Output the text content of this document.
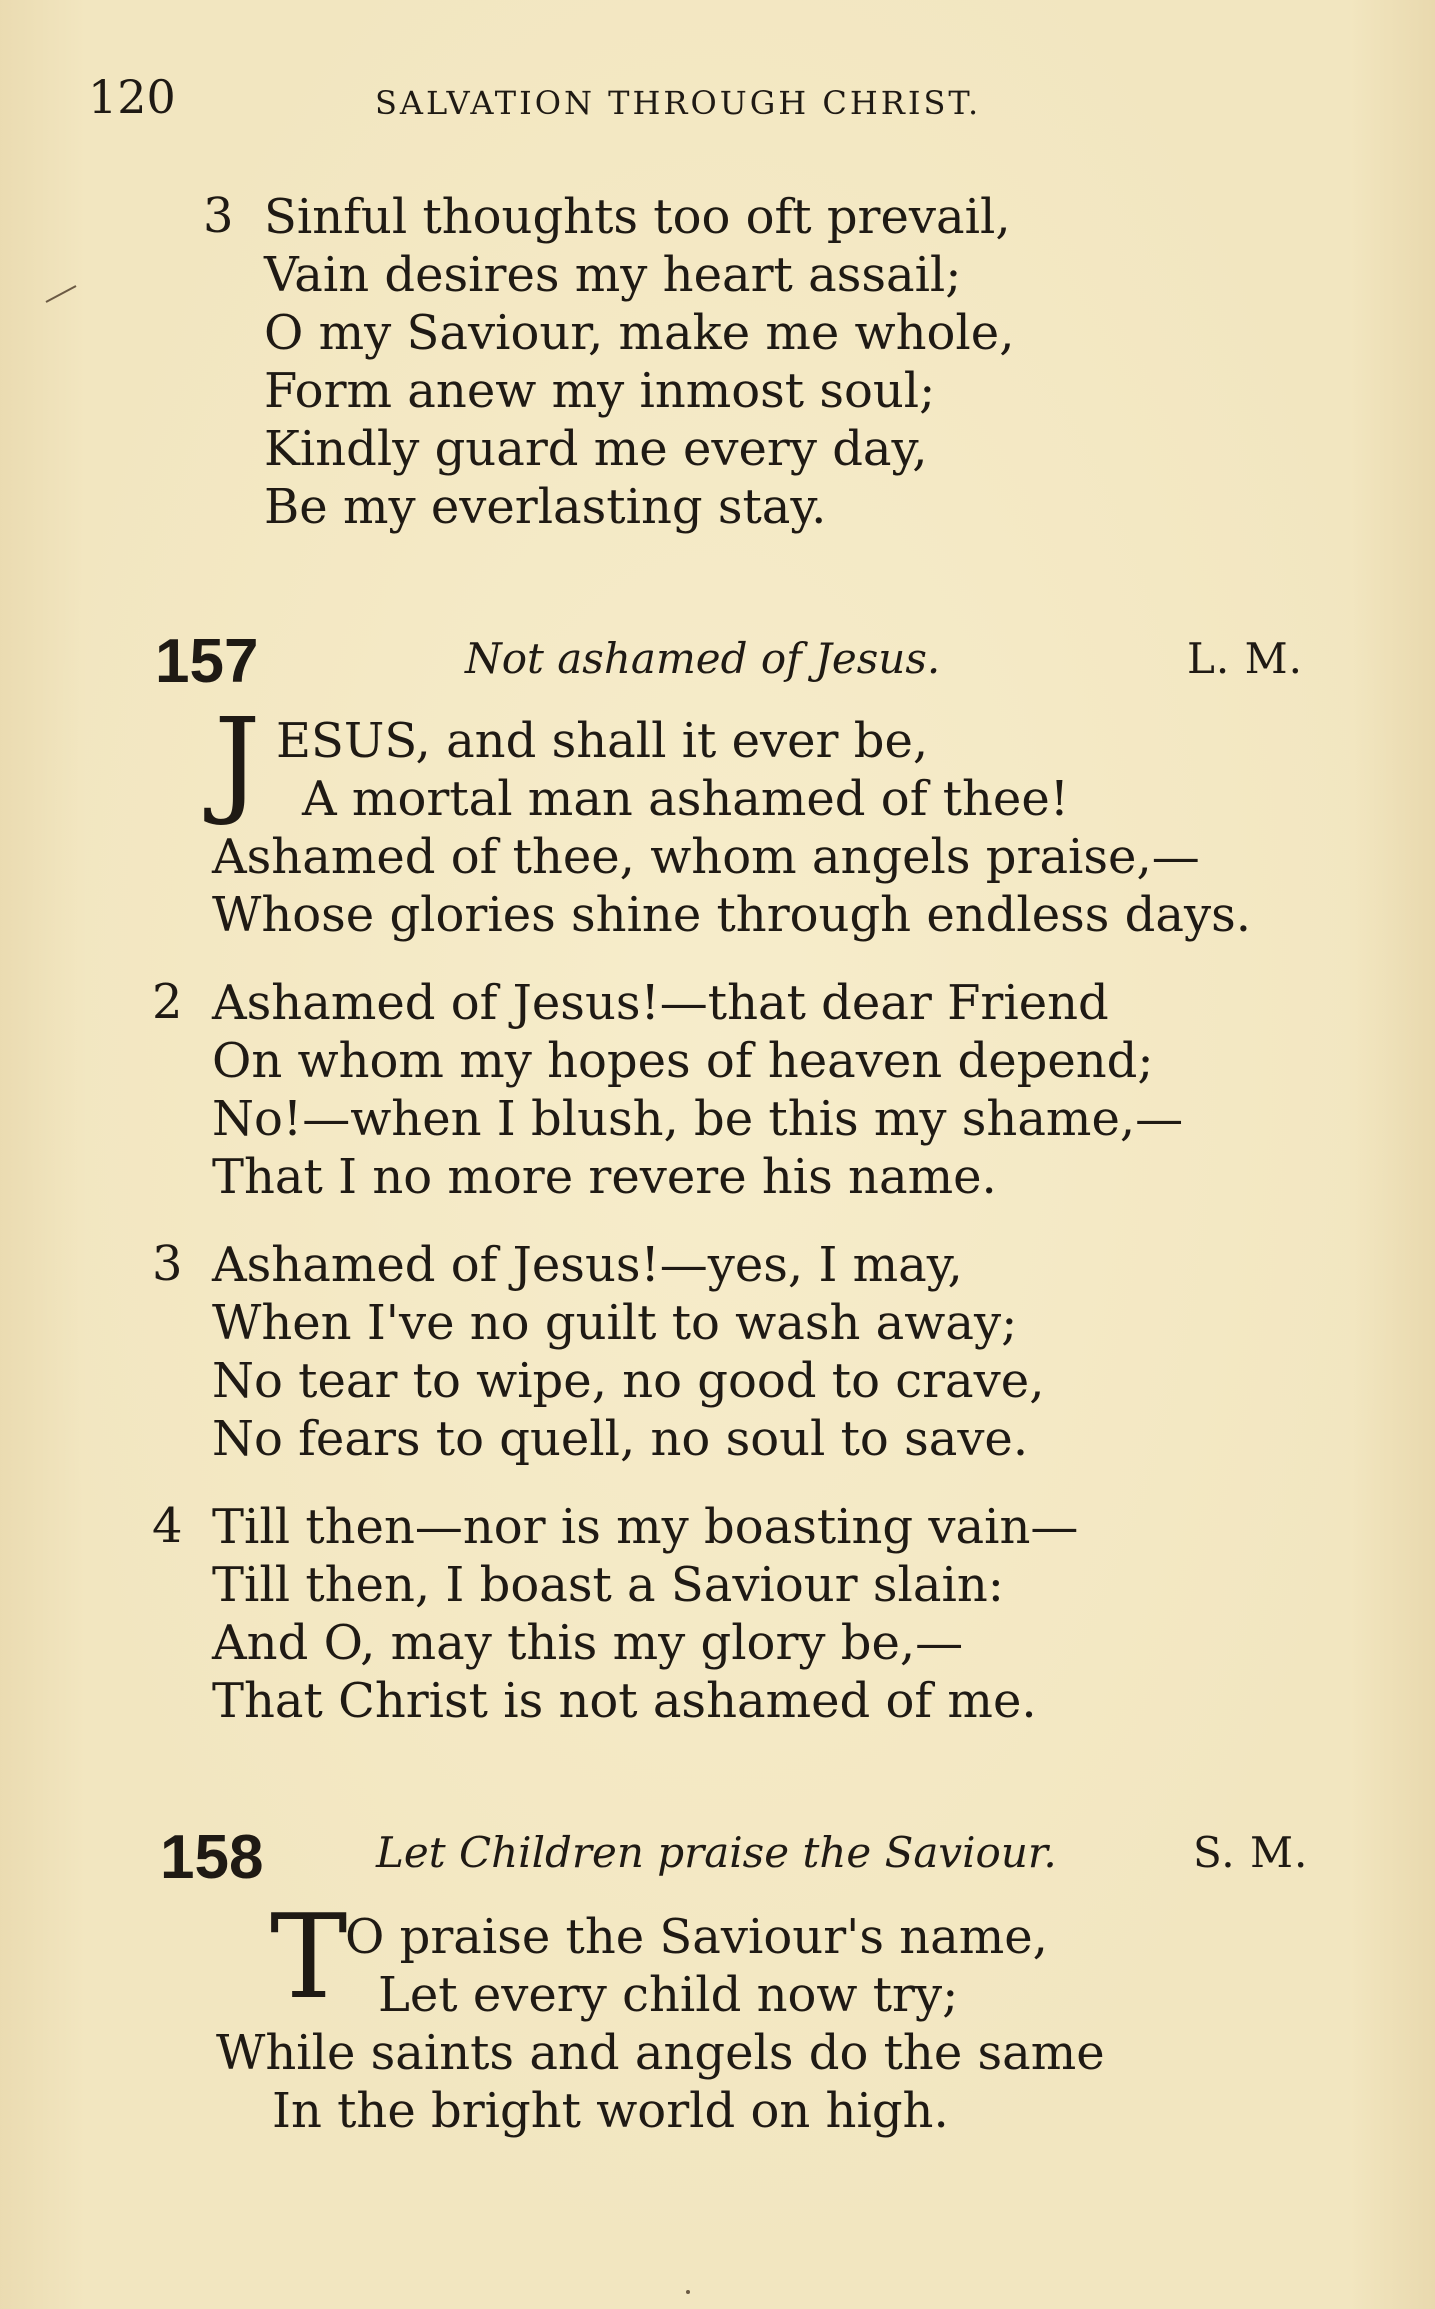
120	SALVATION THROUGH CHRIST.
3 Sinful thoughts too oft prevail,
Vain desires my heart assail;
O my Saviour, make me whole,
Form anew my inmost soul;
Kindly guard me every day,
Be my everlasting stay.
157	Not ashamed of Jesus.	L. M.
J ESUS, and shall it ever be,
A mortal man ashamed of thee!
Ashamed of thee, whom angels praise,—
Whose glories shine through endless days.
2 Ashamed of Jesus!—that dear Friend
On whom my hopes of heaven depend;
No!—when I blush, be this my shame,—
That I no more revere his name.
3 Ashamed of Jesus!—yes, I may,
When I've no guilt to wash away;
No tear to wipe, no good to crave,
No fears to quell, no soul to save.
4 Till then—nor is my boasting vain—
Till then, I boast a Saviour slain:
And O, may this my glory be,—
That Christ is not ashamed of me.
158	Let Children praise the Saviour.	S. M.
T
O praise the Saviour's name,
Let every child now try;
While saints and angels do the same
In the bright world on high.
